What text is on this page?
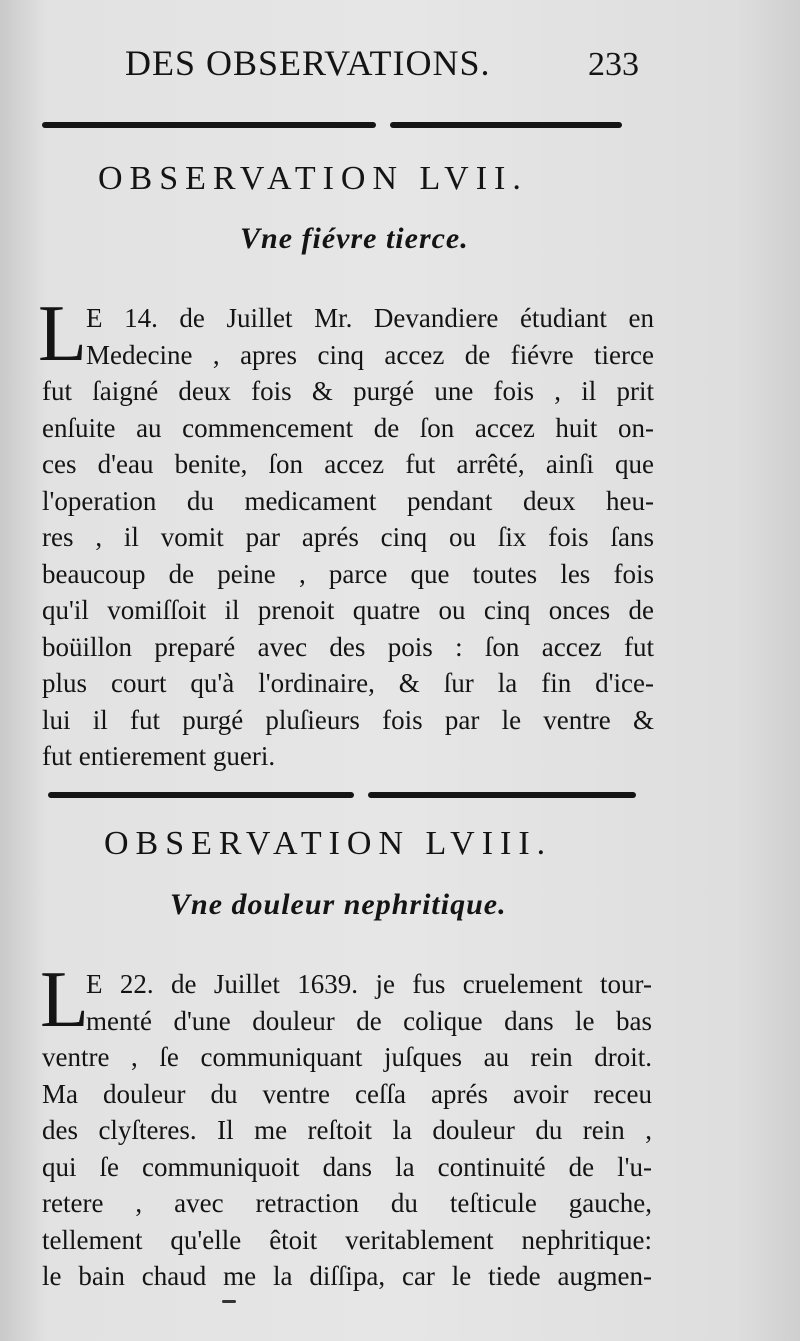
DES OBSERVATIONS.	233
OBSERVATION LVII.
Vne fiévre tierce.
L E 14. de Juillet Mr. Devandiere étudiant en
Medecine , apres cinq accez de fiévre tierce
fut ſaigné deux fois & purgé une fois , il prit
enſuite au commencement de ſon accez huit on-
ces d'eau benite, ſon accez fut arrêté, ainſi que
l'operation du medicament pendant deux heu-
res , il vomit par aprés cinq ou ſix fois ſans
beaucoup de peine , parce que toutes les fois
qu'il vomiſſoit il prenoit quatre ou cinq onces de
boüillon preparé avec des pois : ſon accez fut
plus court qu'à l'ordinaire, & ſur la fin d'ice-
lui il fut purgé pluſieurs fois par le ventre &
fut entierement gueri.
OBSERVATION LVIII.
Vne douleur nephritique.
L
E 22. de Juillet 1639. je fus cruelement tour-
menté d'une douleur de colique dans le bas
ventre , ſe communiquant juſques au rein droit.
Ma douleur du ventre ceſſa aprés avoir receu
des clyſteres. Il me reſtoit la douleur du rein ,
qui ſe communiquoit dans la continuité de l'u-
retere , avec retraction du teſticule gauche,
tellement qu'elle êtoit veritablement nephritique:
le bain chaud me la diſſipa, car le tiede augmen-
